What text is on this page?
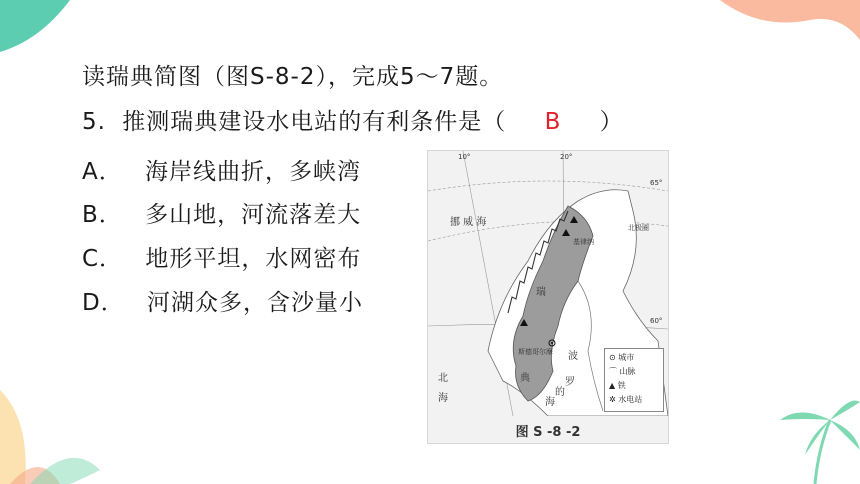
读瑞典简图（图S-8-2），完成5～7题。
5. 推测瑞典建设水电站的有利条件是（ B ）
A． 海岸线曲折，多峡湾
B． 多山地，河流落差大
C． 地形平坦，水网密布
D． 河湖众多，含沙量小
10°	20°
65°
60°
北极圈
挪 威 海
基律纳
瑞
斯德哥尔摩
典
波
罗
的
海
北
海
⊙ 城市
⌒ 山脉
▲ 铁
✲ 水电站
图 S -8 -2
